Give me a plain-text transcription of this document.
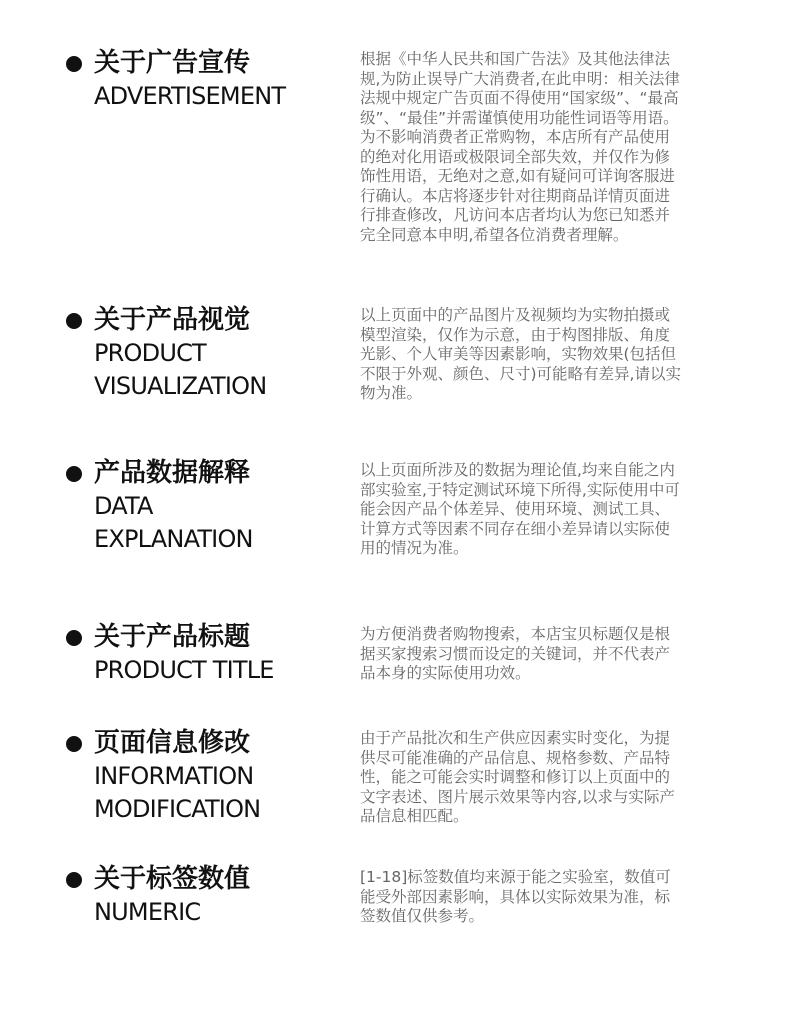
关于广告宣传
ADVERTISEMENT
根据《中华人民共和国广告法》及其他法律法
规,为防止误导广大消费者,在此申明：相关法律
法规中规定广告页面不得使用“国家级”、“最高
级”、“最佳”并需谨慎使用功能性词语等用语。
为不影响消费者正常购物，本店所有产品使用
的绝对化用语或极限词全部失效，并仅作为修
饰性用语，无绝对之意,如有疑问可详询客服进
行确认。本店将逐步针对往期商品详情页面进
行排查修改，凡访问本店者均认为您已知悉并
完全同意本申明,希望各位消费者理解。
关于产品视觉
PRODUCT
VISUALIZATION
以上页面中的产品图片及视频均为实物拍摄或
模型渲染，仅作为示意，由于构图排版、角度
光影、个人审美等因素影响，实物效果(包括但
不限于外观、颜色、尺寸)可能略有差异,请以实
物为准。
产品数据解释
DATA
EXPLANATION
以上页面所涉及的数据为理论值,均来自能之内
部实验室,于特定测试环境下所得,实际使用中可
能会因产品个体差异、使用环境、测试工具、
计算方式等因素不同存在细小差异请以实际使
用的情况为准。
关于产品标题
PRODUCT TITLE
为方便消费者购物搜索，本店宝贝标题仅是根
据买家搜索习惯而设定的关键词，并不代表产
品本身的实际使用功效。
页面信息修改
INFORMATION
MODIFICATION
由于产品批次和生产供应因素实时变化，为提
供尽可能准确的产品信息、规格参数、产品特
性，能之可能会实时调整和修订以上页面中的
文字表述、图片展示效果等内容,以求与实际产
品信息相匹配。
关于标签数值
NUMERIC
[1-18]标签数值均来源于能之实验室，数值可
能受外部因素影响，具体以实际效果为准，标
签数值仅供参考。
